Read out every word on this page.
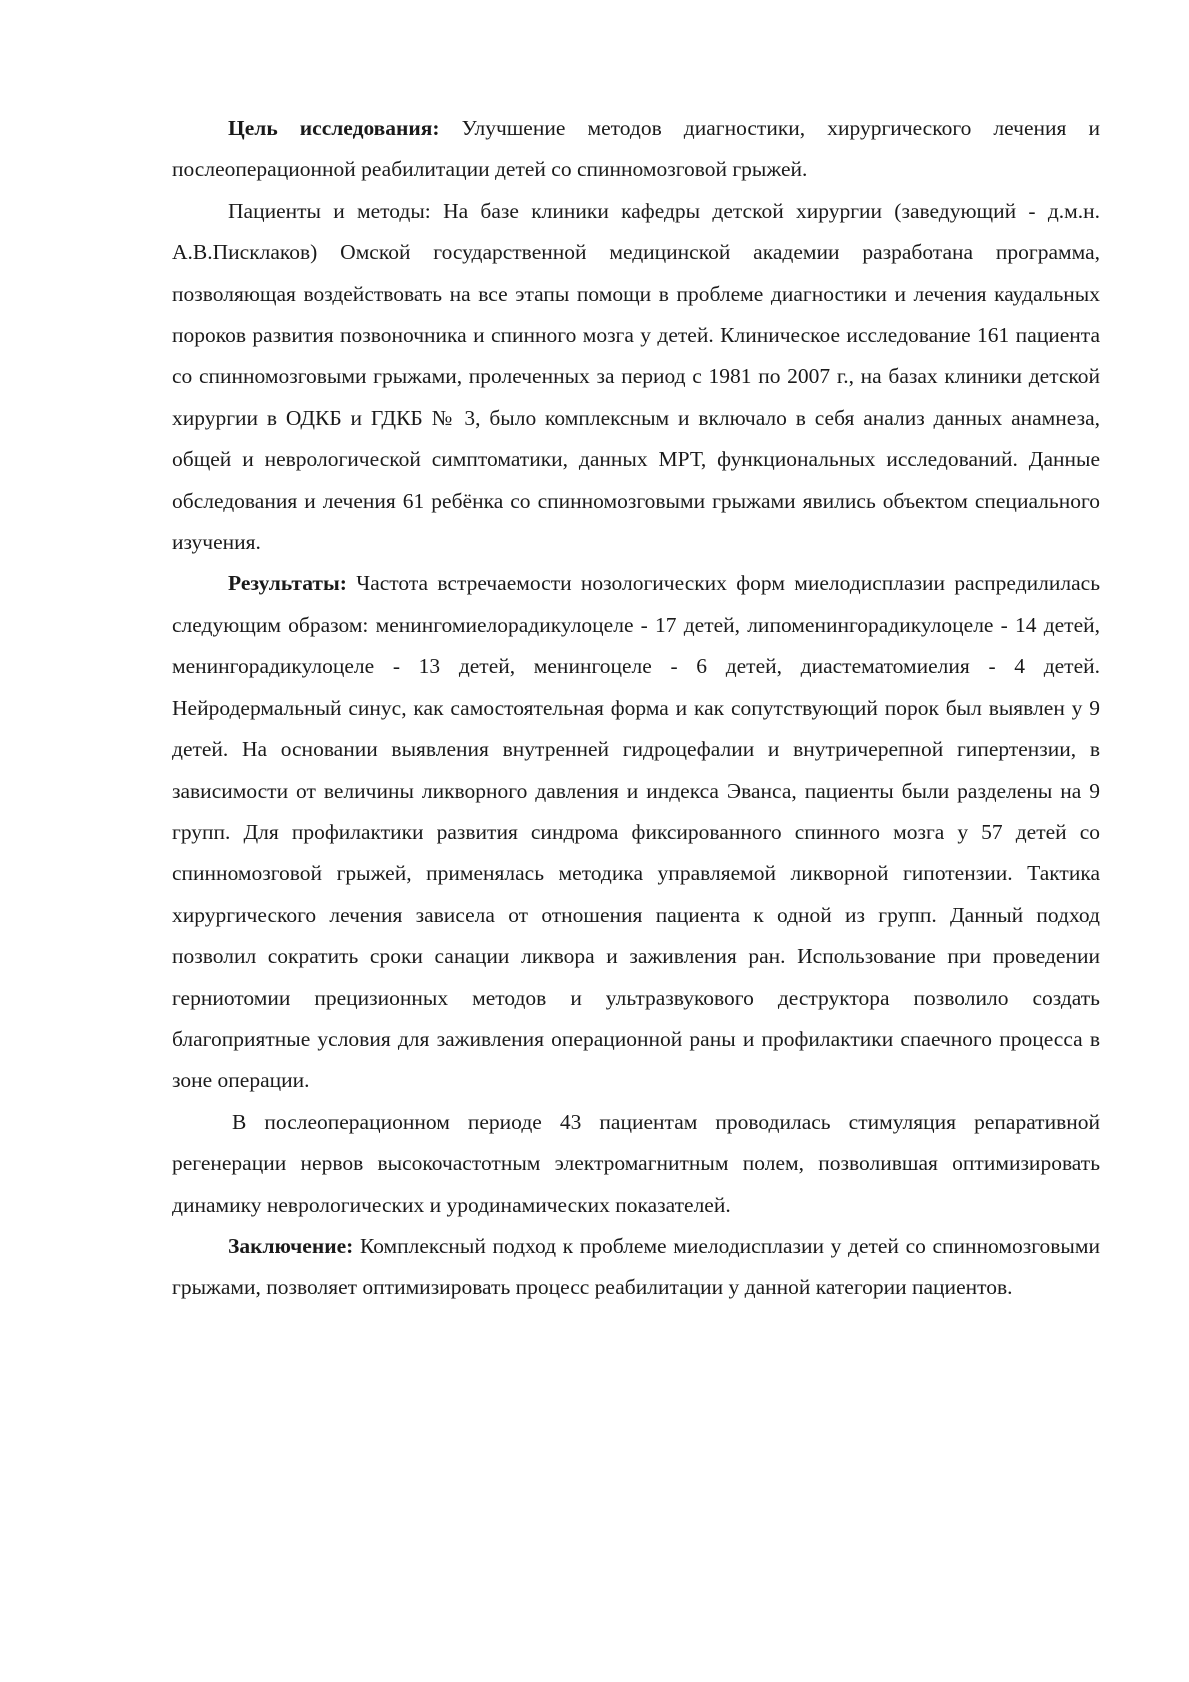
Цель исследования: Улучшение методов диагностики, хирургического лечения и послеоперационной реабилитации детей со спинномозговой грыжей.

Пациенты и методы: На базе клиники кафедры детской хирургии (заведующий - д.м.н. А.В.Писклаков) Омской государственной медицинской академии разработана программа, позволяющая воздействовать на все этапы помощи в проблеме диагностики и лечения каудальных пороков развития позвоночника и спинного мозга у детей. Клиническое исследование 161 пациента со спинномозговыми грыжами, пролеченных за период с 1981 по 2007 г., на базах клиники детской хирургии в ОДКБ и ГДКБ № 3, было комплексным и включало в себя анализ данных анамнеза, общей и неврологической симптоматики, данных МРТ, функциональных исследований. Данные обследования и лечения 61 ребёнка со спинномозговыми грыжами явились объектом специального изучения.

Результаты: Частота встречаемости нозологических форм миелодисплазии распредилилась следующим образом: менингомиелорадикулоцеле - 17 детей, липоменингорадикулоцеле - 14 детей, менингорадикулоцеле - 13 детей, менингоцеле - 6 детей, диастематомиелия - 4 детей. Нейродермальный синус, как самостоятельная форма и как сопутствующий порок был выявлен у 9 детей. На основании выявления внутренней гидроцефалии и внутричерепной гипертензии, в зависимости от величины ликворного давления и индекса Эванса, пациенты были разделены на 9 групп. Для профилактики развития синдрома фиксированного спинного мозга у 57 детей со спинномозговой грыжей, применялась методика управляемой ликворной гипотензии. Тактика хирургического лечения зависела от отношения пациента к одной из групп. Данный подход позволил сократить сроки санации ликвора и заживления ран. Использование при проведении герниотомии прецизионных методов и ультразвукового деструктора позволило создать благоприятные условия для заживления операционной раны и профилактики спаечного процесса в зоне операции.

В послеоперационном периоде 43 пациентам проводилась стимуляция репаративной регенерации нервов высокочастотным электромагнитным полем, позволившая оптимизировать динамику неврологических и уродинамических показателей.

Заключение: Комплексный подход к проблеме миелодисплазии у детей со спинномозговыми грыжами, позволяет оптимизировать процесс реабилитации у данной категории пациентов.
